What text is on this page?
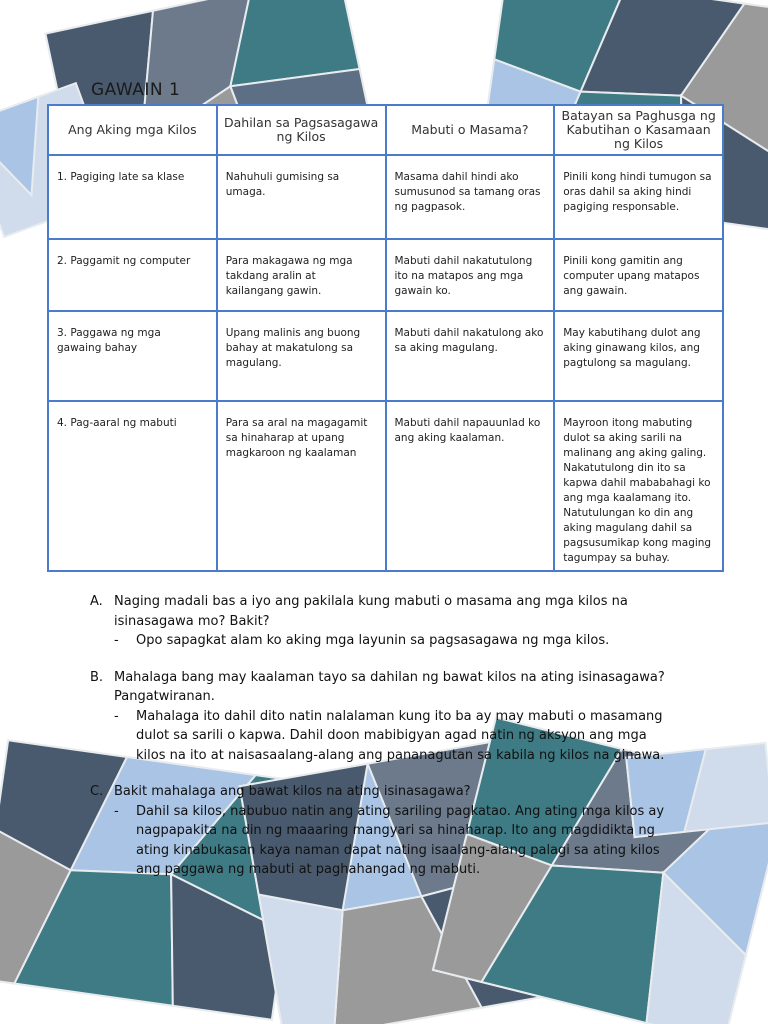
GAWAIN 1
Ang Aking mga Kilos	Dahilan sa Pagsasagawa ng Kilos	Mabuti o Masama?	Batayan sa Paghusga ng Kabutihan o Kasamaan ng Kilos
1. Pagiging late sa klase	Nahuhuli gumising sa umaga.	Masama dahil hindi ako sumusunod sa tamang oras ng pagpasok.	Pinili kong hindi tumugon sa oras dahil sa aking hindi pagiging responsable.
2. Paggamit ng computer	Para makagawa ng mga takdang aralin at kailangang gawin.	Mabuti dahil nakatutulong ito na matapos ang mga gawain ko.	Pinili kong gamitin ang computer upang matapos ang gawain.
3. Paggawa ng mga gawaing bahay	Upang malinis ang buong bahay at makatulong sa magulang.	Mabuti dahil nakatulong ako sa aking magulang.	May kabutihang dulot ang aking ginawang kilos, ang pagtulong sa magulang.
4. Pag-aaral ng mabuti	Para sa aral na magagamit sa hinaharap at upang magkaroon ng kaalaman	Mabuti dahil napauunlad ko ang aking kaalaman.	Mayroon itong mabuting dulot sa aking sarili na malinang ang aking galing. Nakatutulong din ito sa kapwa dahil mababahagi ko ang mga kaalamang ito. Natutulungan ko din ang aking magulang dahil sa pagsusumikap kong maging tagumpay sa buhay.
A. Naging madali bas a iyo ang pakilala kung mabuti o masama ang mga kilos na isinasagawa mo? Bakit?
-	Opo sapagkat alam ko aking mga layunin sa pagsasagawa ng mga kilos.
B. Mahalaga bang may kaalaman tayo sa dahilan ng bawat kilos na ating isinasagawa? Pangatwiranan.
-	Mahalaga ito dahil dito natin nalalaman kung ito ba ay may mabuti o masamang dulot sa sarili o kapwa. Dahil doon mabibigyan agad natin ng aksyon ang mga kilos na ito at naisasaalang-alang ang pananagutan sa kabila ng kilos na ginawa.
C. Bakit mahalaga ang bawat kilos na ating isinasagawa?
-	Dahil sa kilos, nabubuo natin ang ating sariling pagkatao. Ang ating mga kilos ay nagpapakita na din ng maaaring mangyari sa hinaharap. Ito ang magdidikta ng ating kinabukasan kaya naman dapat nating isaalang-alang palagi sa ating kilos ang paggawa ng mabuti at paghahangad ng mabuti.
